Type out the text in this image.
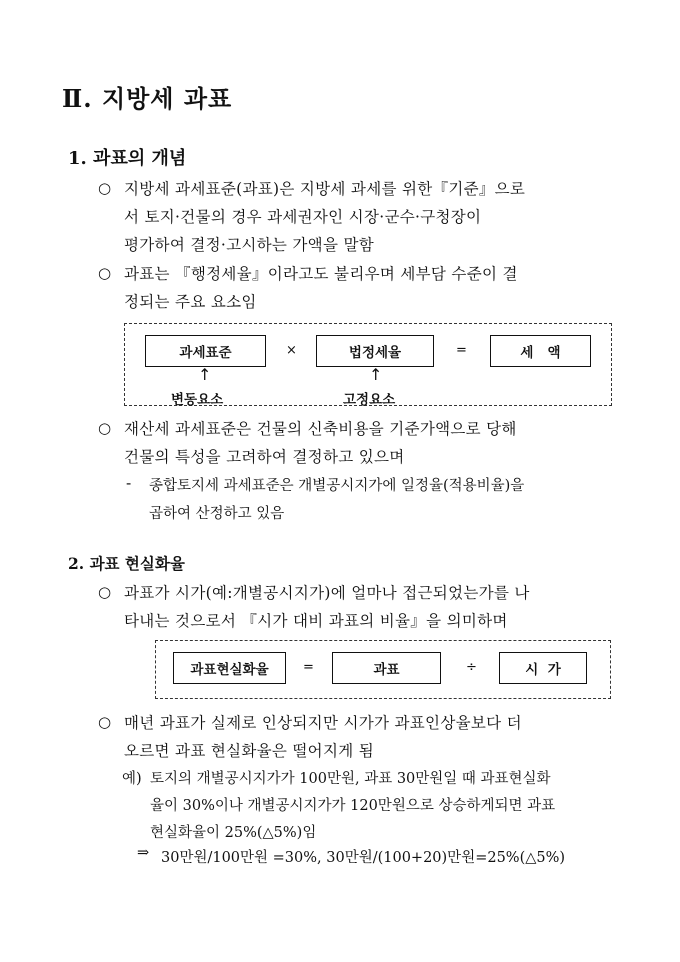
Ⅱ. 지방세 과표
1. 과표의 개념
○ 지방세 과세표준(과표)은 지방세 과세를 위한『기준』으로
서 토지·건물의 경우 과세권자인 시장·군수·구청장이
평가하여 결정·고시하는 가액을 말함
○ 과표는 『행정세율』이라고도 불리우며 세부담 수준이 결
정되는 주요 요소임
과세표준	×	법정세율	=	세   액
↑	↑
변동요소	고정요소
○ 재산세 과세표준은 건물의 신축비용을 기준가액으로 당해
건물의 특성을 고려하여 결정하고 있으며
- 종합토지세 과세표준은 개별공시지가에 일정율(적용비율)을
곱하여 산정하고 있음
2. 과표 현실화율
○ 과표가 시가(예:개별공시지가)에 얼마나 접근되었는가를 나
타내는 것으로서 『시가 대비 과표의 비율』을 의미하며
과표현실화율	=	과표	÷	시  가
○ 매년 과표가 실제로 인상되지만 시가가 과표인상율보다 더
오르면 과표 현실화율은 떨어지게 됨
예) 토지의 개별공시지가가 100만원, 과표 30만원일 때 과표현실화
율이 30%이나 개별공시지가가 120만원으로 상승하게되면 과표
현실화율이 25%(△5%)임
⇒ 30만원/100만원 =30%, 30만원/(100+20)만원=25%(△5%)
